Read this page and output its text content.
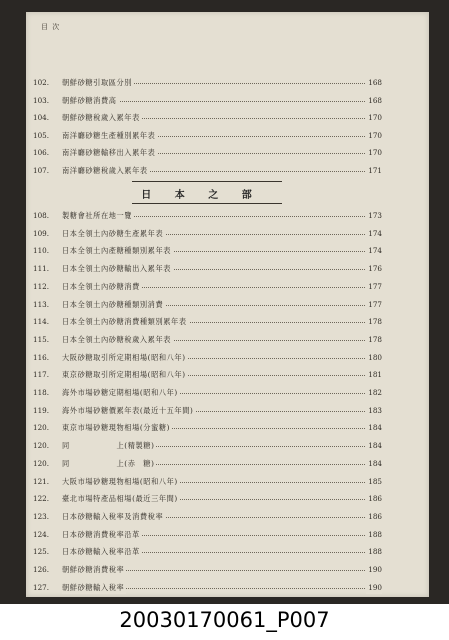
目 次
102.	朝鮮砂糖引取區分別	168
103.	朝鮮砂糖消費高	168
104.	朝鮮砂糖稅歲入累年表	170
105.	南洋廳砂糖生產種別累年表	170
106.	南洋廳砂糖輸移出入累年表	170
107.	南洋廳砂糖稅歲入累年表	171
日 本 之 部
108.	製糖會社所在地一覽	173
109.	日本全領土內砂糖生產累年表	174
110.	日本全領土內產糖種類別累年表	174
111.	日本全領土內砂糖輸出入累年表	176
112.	日本全領土內砂糖消費	177
113.	日本全領土內砂糖種類別消費	177
114.	日本全領土內砂糖消費種類別累年表	178
115.	日本全領土內砂糖稅歲入累年表	178
116.	大阪砂糖取引所定期相場(昭和八年)	180
117.	東京砂糖取引所定期相場(昭和八年)	181
118.	海外市場砂糖定期相場(昭和八年)	182
119.	海外市場砂糖價累年表(最近十五年間)	183
120.	東京市場砂糖現物相場(分蜜糖)	184
120.	同　　　　　　上(精製糖)	184
120.	同　　　　　　上(赤　糖)	184
121.	大阪市場砂糖現物相場(昭和八年)	185
122.	臺北市場特產品相場(最近三年間)	186
123.	日本砂糖輸入稅率及消費稅率	186
124.	日本砂糖消費稅率沿革	188
125.	日本砂糖輸入稅率沿革	188
126.	朝鮮砂糖消費稅率	190
127.	朝鮮砂糖輸入稅率	190
20030170061_P007
